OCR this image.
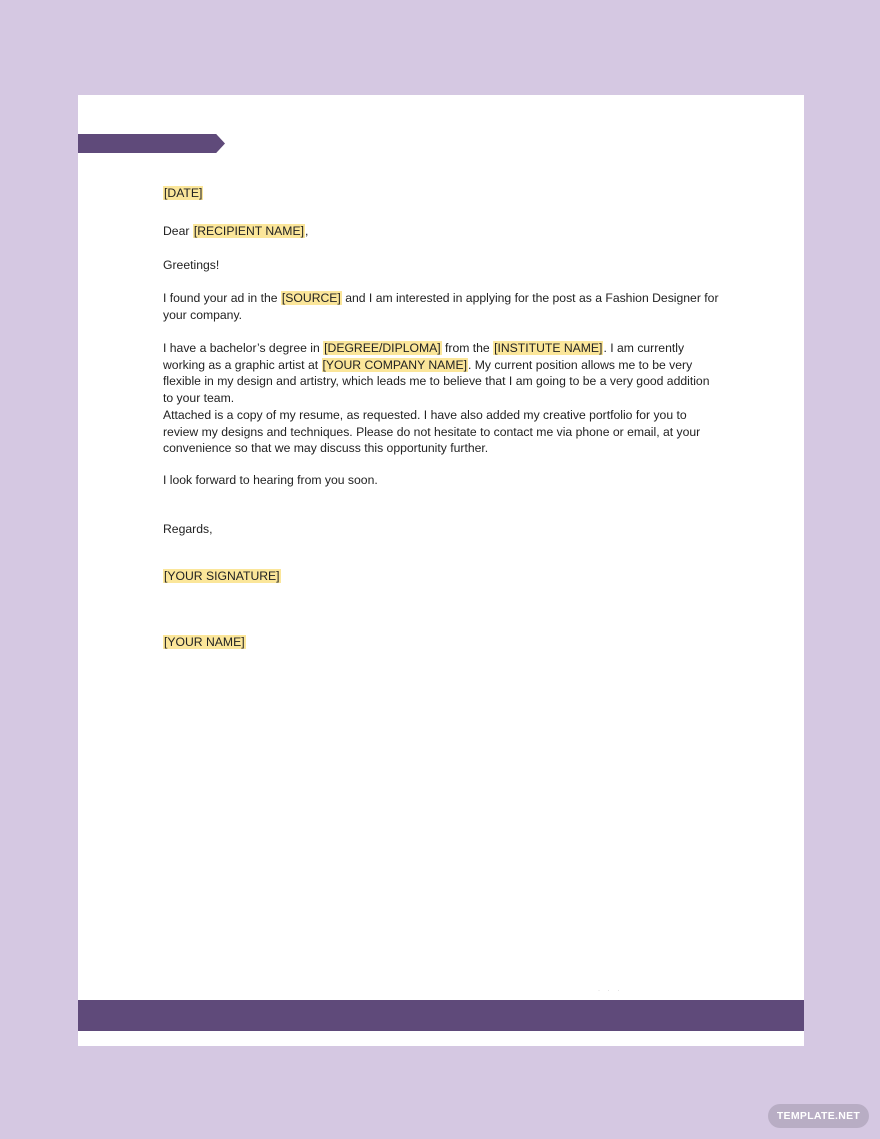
[DATE]

Dear [RECIPIENT NAME],

Greetings!

I found your ad in the [SOURCE] and I am interested in applying for the post as a Fashion Designer for your company.

I have a bachelor’s degree in [DEGREE/DIPLOMA] from the [INSTITUTE NAME]. I am currently working as a graphic artist at [YOUR COMPANY NAME]. My current position allows me to be very flexible in my design and artistry, which leads me to believe that I am going to be a very good addition to your team.

Attached is a copy of my resume, as requested. I have also added my creative portfolio for you to review my designs and techniques. Please do not hesitate to contact me via phone or email, at your convenience so that we may discuss this opportunity further.

I look forward to hearing from you soon.

Regards,

[YOUR SIGNATURE]

[YOUR NAME]

· · ·
TEMPLATE.NET
